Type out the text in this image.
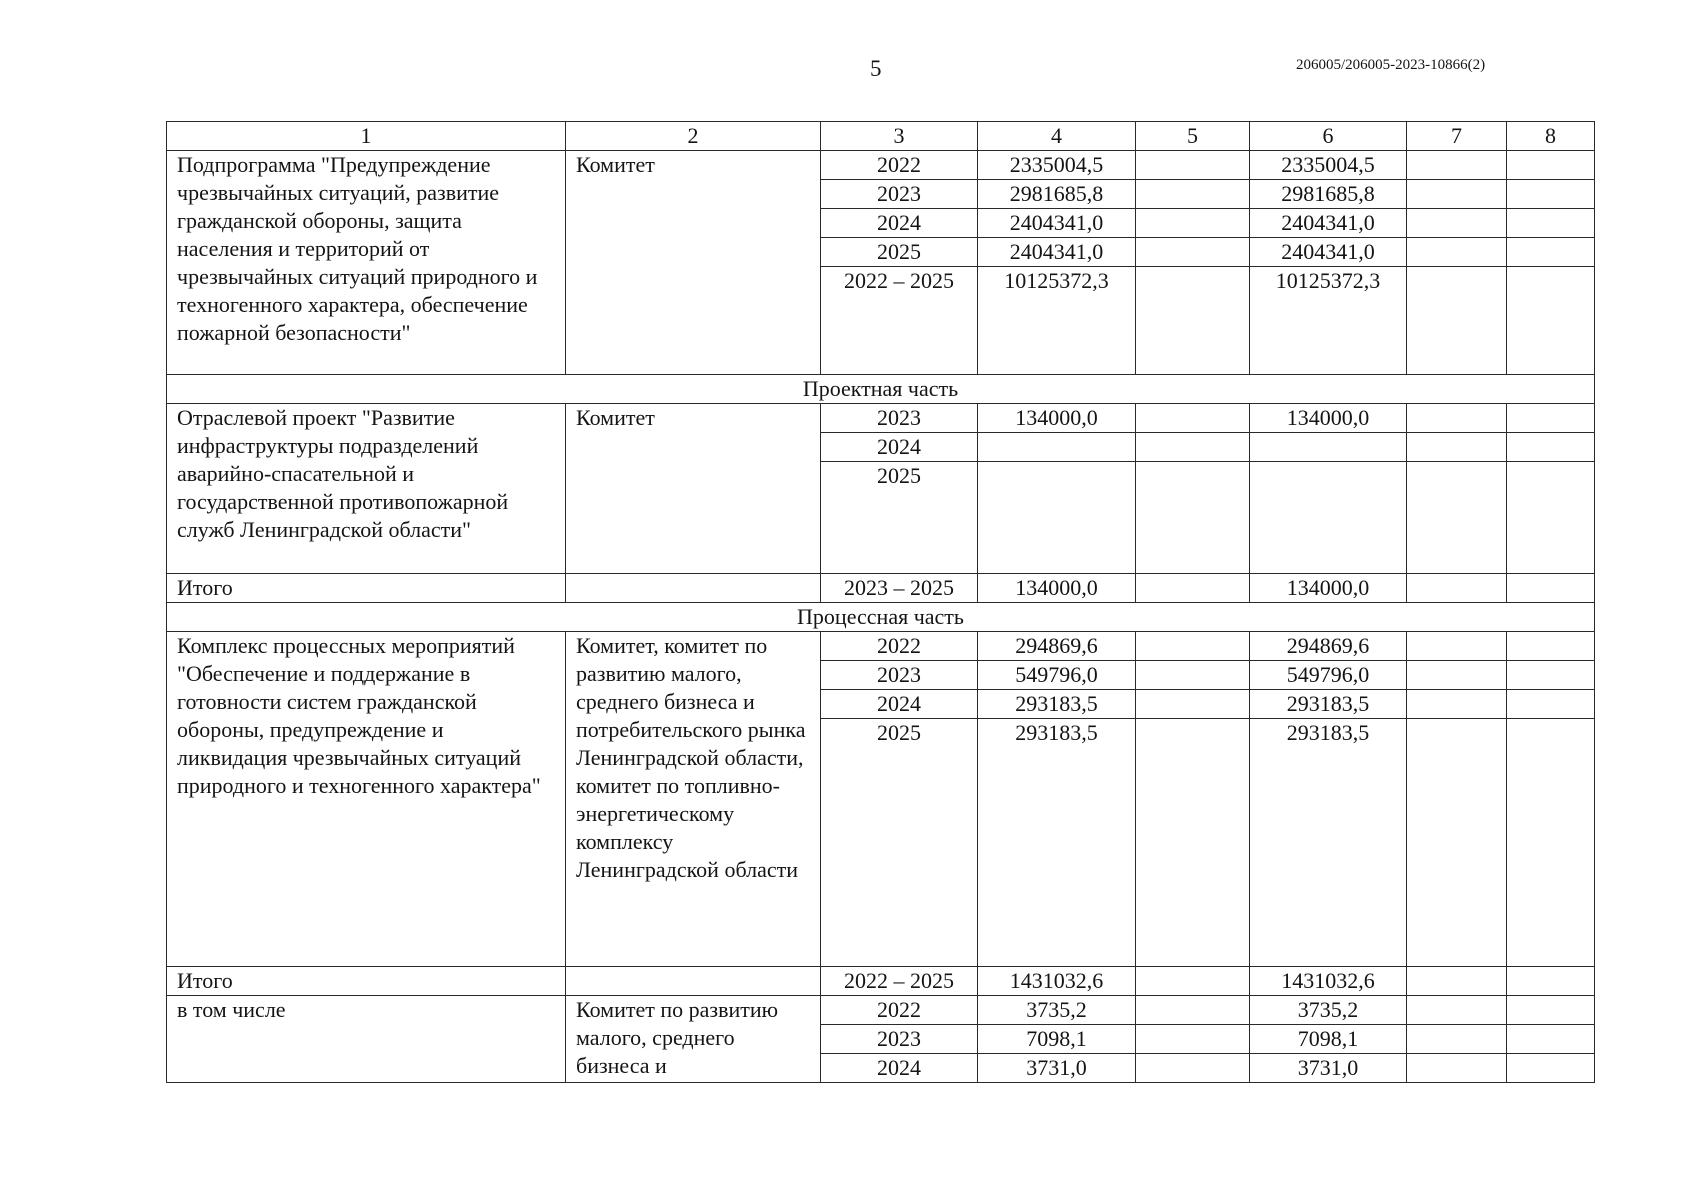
5	206005/206005-2023-10866(2)
1	2	3	4	5	6	7	8
Подпрограмма "Предупреждение чрезвычайных ситуаций, развитие гражданской обороны, защита населения и территорий от чрезвычайных ситуаций природного и техногенного характера, обеспечение пожарной безопасности"	Комитет	2022	2335004,5		2335004,5		
		2023	2981685,8		2981685,8		
		2024	2404341,0		2404341,0		
		2025	2404341,0		2404341,0		
		2022 – 2025	10125372,3		10125372,3		
Проектная часть							
Отраслевой проект "Развитие инфраструктуры подразделений аварийно-спасательной и государственной противопожарной служб Ленинградской области"	Комитет	2023	134000,0		134000,0		
		2024					
		2025					
Итого		2023 – 2025	134000,0		134000,0		
Процессная часть							
Комплекс процессных мероприятий "Обеспечение и поддержание в готовности систем гражданской обороны, предупреждение и ликвидация чрезвычайных ситуаций природного и техногенного характера"	Комитет, комитет по развитию малого, среднего бизнеса и потребительского рынка Ленинградской области, комитет по топливно-энергетическому комплексу Ленинградской области	2022	294869,6		294869,6		
		2023	549796,0		549796,0		
		2024	293183,5		293183,5		
		2025	293183,5		293183,5		
Итого		2022 – 2025	1431032,6		1431032,6		
в том числе	Комитет по развитию малого, среднего бизнеса и	2022	3735,2		3735,2		
		2023	7098,1		7098,1		
		2024	3731,0		3731,0		
